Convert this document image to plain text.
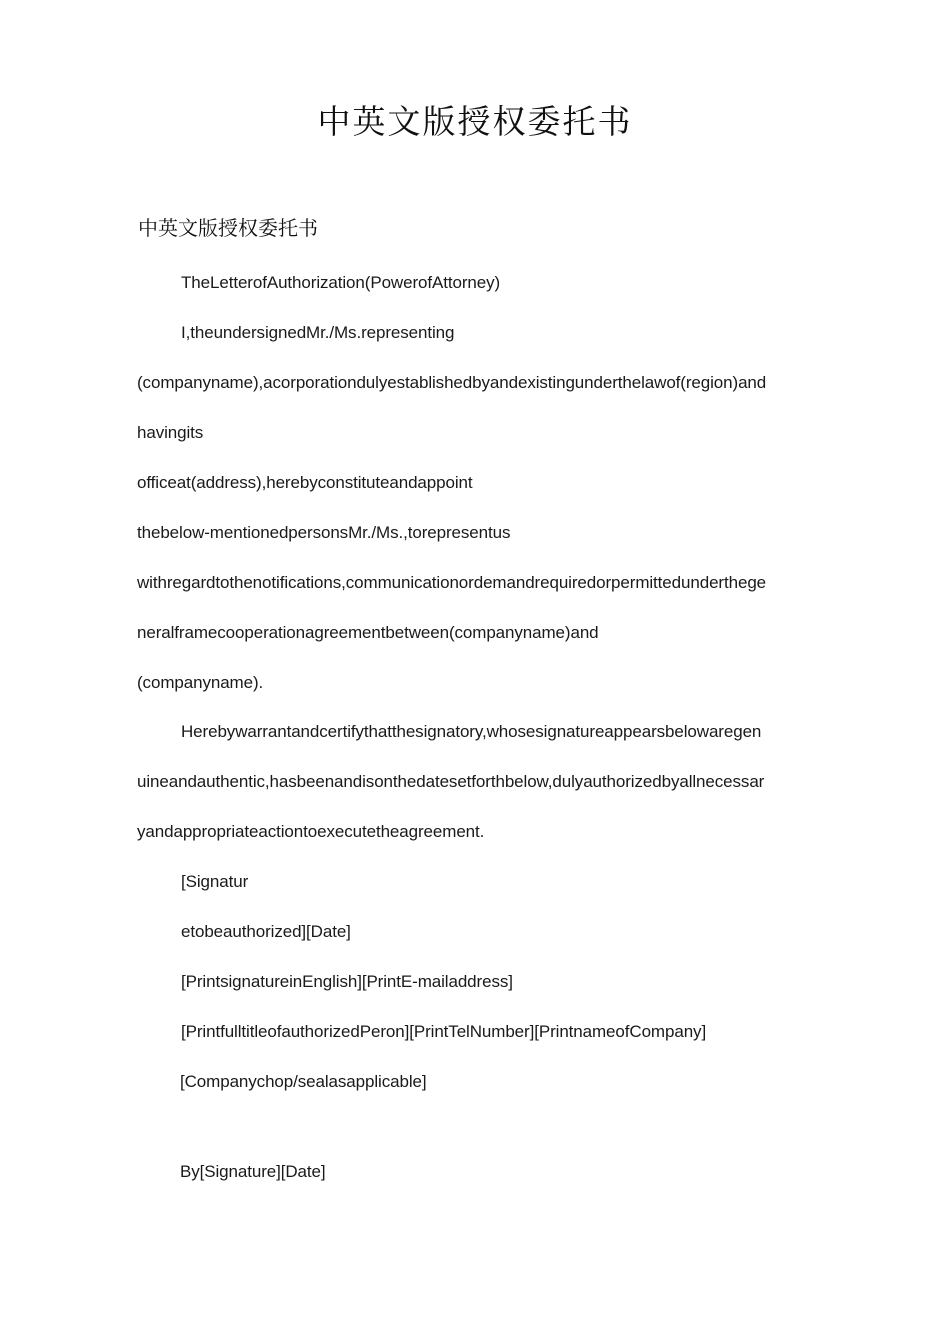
中英文版授权委托书
中英文版授权委托书
TheLetterofAuthorization(PowerofAttorney)
I,theundersignedMr./Ms.representing
(companyname),acorporationdulyestablishedbyandexistingunderthelawof(region)and
havingits
officeat(address),herebyconstituteandappoint
thebelow-mentionedpersonsMr./Ms.,torepresentus
withregardtothenotifications,communicationordemandrequiredorpermittedunderthege
neralframecooperationagreementbetween(companyname)and
(companyname).
Herebywarrantandcertifythatthesignatory,whosesignatureappearsbelowaregen
uineandauthentic,hasbeenandisonthedatesetforthbelow,dulyauthorizedbyallnecessar
yandappropriateactiontoexecutetheagreement.
[Signatur
etobeauthorized][Date]
[PrintsignatureinEnglish][PrintE-mailaddress]
[PrintfulltitleofauthorizedPeron][PrintTelNumber][PrintnameofCompany]
[Companychop/sealasapplicable]
By[Signature][Date]
